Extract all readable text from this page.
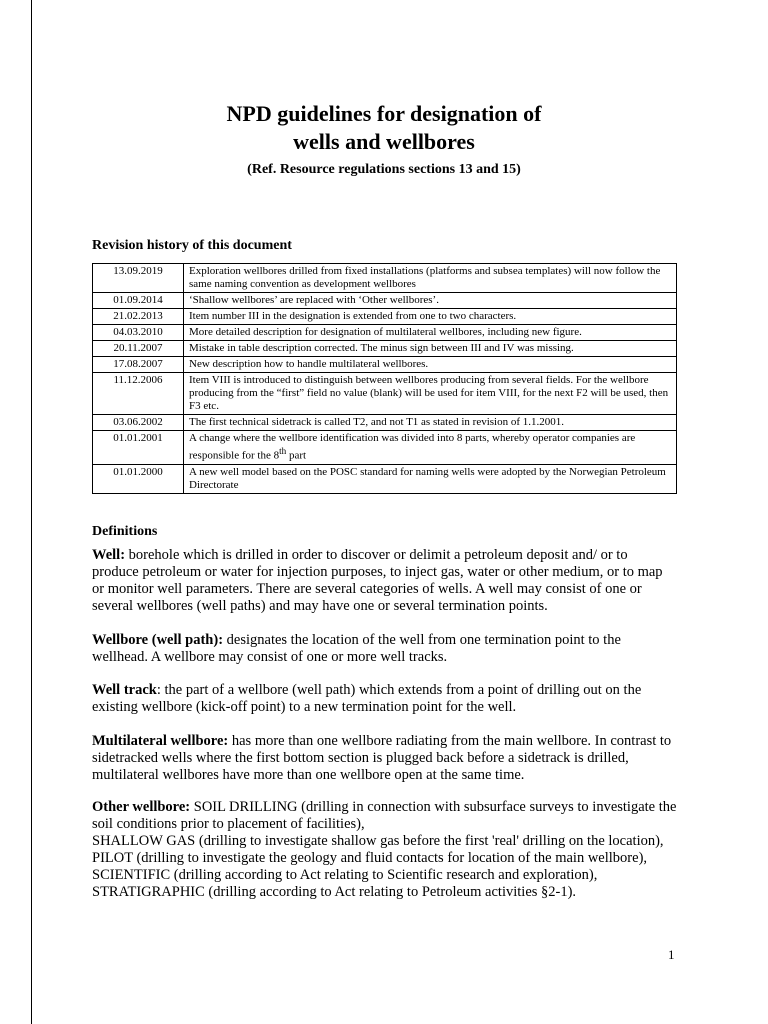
NPD guidelines for designation of
wells and wellbores
(Ref. Resource regulations sections 13 and 15)
Revision history of this document
13.09.2019	Exploration wellbores drilled from fixed installations (platforms and subsea templates) will now follow the same naming convention as development wellbores
01.09.2014	‘Shallow wellbores’ are replaced with ‘Other wellbores’.
21.02.2013	Item number III in the designation is extended from one to two characters.
04.03.2010	More detailed description for designation of multilateral wellbores, including new figure.
20.11.2007	Mistake in table description corrected. The minus sign between III and IV was missing.
17.08.2007	New description how to handle multilateral wellbores.
11.12.2006	Item VIII is introduced to distinguish between wellbores producing from several fields. For the wellbore producing from the “first” field no value (blank) will be used for item VIII, for the next F2 will be used, then F3 etc.
03.06.2002	The first technical sidetrack is called T2, and not T1 as stated in revision of 1.1.2001.
01.01.2001	A change where the wellbore identification was divided into 8 parts, whereby operator companies are responsible for the 8th part
01.01.2000	A new well model based on the POSC standard for naming wells were adopted by the Norwegian Petroleum Directorate
Definitions
Well: borehole which is drilled in order to discover or delimit a petroleum deposit and/ or to produce petroleum or water for injection purposes, to inject gas, water or other medium, or to map or monitor well parameters. There are several categories of wells. A well may consist of one or several wellbores (well paths) and may have one or several termination points.
Wellbore (well path): designates the location of the well from one termination point to the wellhead. A wellbore may consist of one or more well tracks.
Well track: the part of a wellbore (well path) which extends from a point of drilling out on the existing wellbore (kick-off point) to a new termination point for the well.
Multilateral wellbore: has more than one wellbore radiating from the main wellbore. In contrast to sidetracked wells where the first bottom section is plugged back before a sidetrack is drilled, multilateral wellbores have more than one wellbore open at the same time.
Other wellbore: SOIL DRILLING (drilling in connection with subsurface surveys to investigate the soil conditions prior to placement of facilities),
SHALLOW GAS (drilling to investigate shallow gas before the first 'real' drilling on the location), PILOT (drilling to investigate the geology and fluid contacts for location of the main wellbore), SCIENTIFIC (drilling according to Act relating to Scientific research and exploration), STRATIGRAPHIC (drilling according to Act relating to Petroleum activities §2-1).
1
